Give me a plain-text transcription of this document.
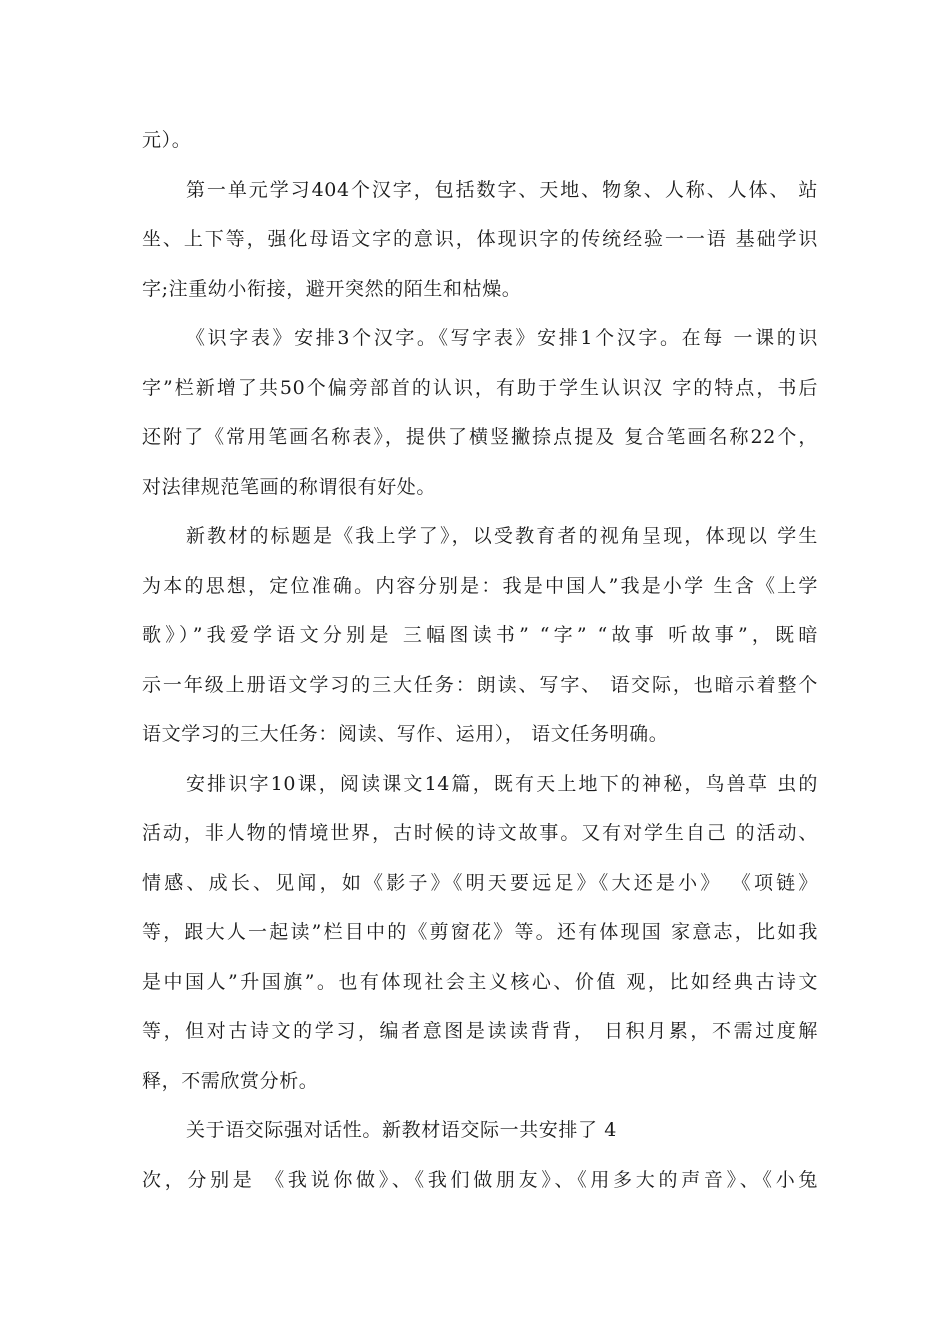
元）。
第一单元学习404个汉字，包括数字、天地、物象、人称、人体、 站
坐、上下等，强化母语文字的意识，体现识字的传统经验一一语 基础学识
字;注重幼小衔接，避开突然的陌生和枯燥。
《识字表》安排3个汉字。《写字表》安排1个汉字。在每 一课的识
字”栏新增了共50个偏旁部首的认识，有助于学生认识汉 字的特点，书后
还附了《常用笔画名称表》，提供了横竖撇捺点提及 复合笔画名称22个，
对法律规范笔画的称谓很有好处。
新教材的标题是《我上学了》，以受教育者的视角呈现，体现以 学生
为本的思想，定位准确。内容分别是：我是中国人”我是小学 生含《上学
歌》）”我爱学语文分别是 三幅图读书” “字” “故事 听故事”，既暗
示一年级上册语文学习的三大任务：朗读、写字、 语交际，也暗示着整个
语文学习的三大任务：阅读、写作、运用）， 语文任务明确。
安排识字10课，阅读课文14篇，既有天上地下的神秘，鸟兽草 虫的
活动，非人物的情境世界，古时候的诗文故事。又有对学生自己 的活动、
情感、成长、见闻，如《影子》《明天要远足》《大还是小》 《项链》
等，跟大人一起读”栏目中的《剪窗花》等。还有体现国 家意志，比如我
是中国人”升国旗”。也有体现社会主义核心、价值 观，比如经典古诗文
等，但对古诗文的学习，编者意图是读读背背， 日积月累，不需过度解
释，不需欣赏分析。
关于语交际强对话性。新教材语交际一共安排了 4
次，分别是 《我说你做》、《我们做朋友》、《用多大的声音》、《小兔
